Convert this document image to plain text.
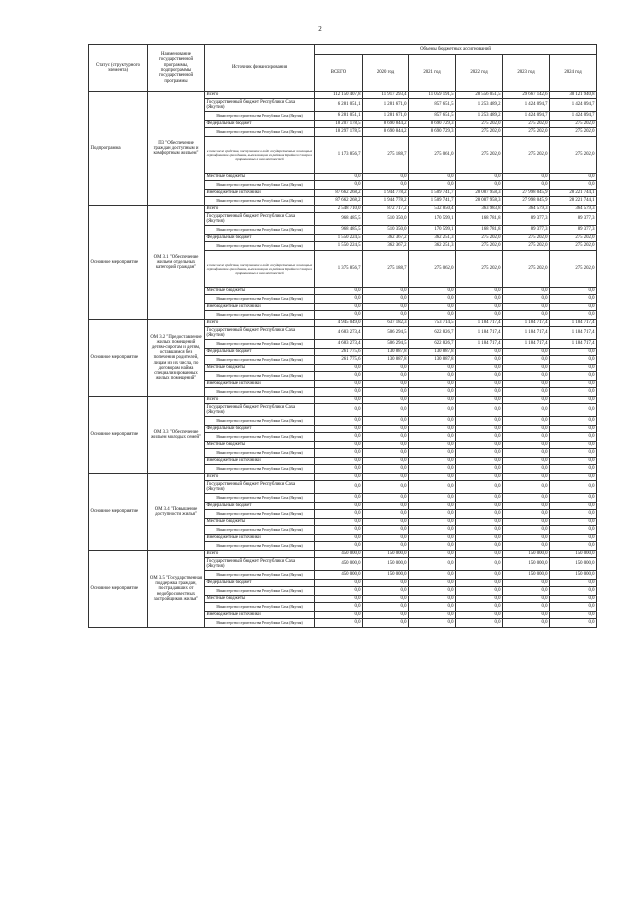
2
Статус (структурного элемента)	Наименование государственной программы, подпрограммы государственной программы	Источник финансирования	Объемы бюджетных ассигнований					
			ВСЕГО	2020 год	2021 год	2022 год	2023 год	2024 год
Подпрограмма	П3 "Обеспечение граждан доступным и комфортным жильем"	Всего	112 150 407,8	11 917 293,4	11 059 191,5	28 556 051,5	29 667 142,6	30 121 940,8
		Государственный бюджет Республики Саха (Якутия)	6 281 051,1	1 281 671,0	857 651,5	1 253 489,2	1 424 094,7	1 424 094,7
		Министерство строительства Республики Саха (Якутия)	6 281 051,1	1 281 671,0	857 651,5	1 253 489,2	1 424 094,7	1 424 094,7
		Федеральный бюджет	18 207 178,5	8 690 844,2	8 690 729,3	275 202,0	275 202,0	275 202,0
		Министерство строительства Республики Саха (Якутия)	18 297 178,5	8 690 844,2	8 690 729,3	275 202,0	275 202,0	275 202,0
		в том числе средства, поступившие в виде государственных жилищных сертификатов гражданам, выезжающим из районов Крайнего Севера и приравненных к ним местностей	1 173 856,7	275 188,7	275 061,0	275 202,0	275 202,0	275 202,0
		Местные бюджеты	0,0	0,0	0,0	0,0	0,0	0,0
		Министерство строительства Республики Саха (Якутия)	0,0	0,0	0,0	0,0	0,0	0,0
		Внебюджетные источники	87 662 268,2	1 944 778,2	1 509 741,7	28 087 958,3	27 998 045,9	28 221 744,1
		Министерство строительства Республики Саха (Якутия)	87 662 268,2	1 944 778,2	1 509 741,7	28 087 958,3	27 998 045,9	28 221 744,1
Основное мероприятие	ОМ 3.1 "Обеспечение жильем отдельных категорий граждан"	Всего	2 548 710,0	872 717,2	532 850,4	363 983,8	364 579,3	364 579,3
		Государственный бюджет Республики Саха (Якутия)	968 485,5	510 350,0	170 599,1	168 781,8	89 377,3	89 377,3
		Министерство строительства Республики Саха (Якутия)	968 485,5	510 350,0	170 599,1	168 781,8	89 377,3	89 377,3
		Федеральный бюджет	1 550 224,5	362 367,2	362 251,3	275 202,0	275 202,0	275 202,0
		Министерство строительства Республики Саха (Якутия)	1 550 224,5	362 367,2	362 251,3	275 202,0	275 202,0	275 202,0
		в том числе средства, поступившие в виде государственных жилищных сертификатов гражданам, выезжающим из районов Крайнего Севера и приравненных к ним местностей	1 375 856,7	275 188,7	275 062,0	275 202,0	275 202,0	275 202,0
		Местные бюджеты	0,0	0,0	0,0	0,0	0,0	0,0
		Министерство строительства Республики Саха (Якутия)	0,0	0,0	0,0	0,0	0,0	0,0
		Внебюджетные источники	0,0	0,0	0,0	0,0	0,0	0,0
		Министерство строительства Республики Саха (Якутия)	0,0	0,0	0,0	0,0	0,0	0,0
Основное мероприятие	ОМ 3.2 "Предоставление жилых помещений детям-сиротам и детям, оставшимся без попечения родителей, лицам из их числа, по договорам найма специализированных жилых помещений"	Всего	4 945 049,0	637 182,3	753 714,5	1 184 717,4	1 184 717,4	1 184 717,4
		Государственный бюджет Республики Саха (Якутия)	4 683 273,4	506 294,5	622 826,7	1 184 717,4	1 184 717,4	1 184 717,4
		Министерство строительства Республики Саха (Якутия)	4 683 273,4	506 294,5	622 826,7	1 184 717,4	1 184 717,4	1 184 717,4
		Федеральный бюджет	261 775,6	130 887,8	130 887,8	0,0	0,0	0,0
		Министерство строительства Республики Саха (Якутия)	261 775,6	130 887,8	130 887,8	0,0	0,0	0,0
		Местные бюджеты	0,0	0,0	0,0	0,0	0,0	0,0
		Министерство строительства Республики Саха (Якутия)	0,0	0,0	0,0	0,0	0,0	0,0
		Внебюджетные источники	0,0	0,0	0,0	0,0	0,0	0,0
		Министерство строительства Республики Саха (Якутия)	0,0	0,0	0,0	0,0	0,0	0,0
Основное мероприятие	ОМ 3.3 "Обеспечение жильем молодых семей"	Всего	0,0	0,0	0,0	0,0	0,0	0,0
		Государственный бюджет Республики Саха (Якутия)	0,0	0,0	0,0	0,0	0,0	0,0
		Министерство строительства Республики Саха (Якутия)	0,0	0,0	0,0	0,0	0,0	0,0
		Федеральный бюджет	0,0	0,0	0,0	0,0	0,0	0,0
		Министерство строительства Республики Саха (Якутия)	0,0	0,0	0,0	0,0	0,0	0,0
		Местные бюджеты	0,0	0,0	0,0	0,0	0,0	0,0
		Министерство строительства Республики Саха (Якутия)	0,0	0,0	0,0	0,0	0,0	0,0
		Внебюджетные источники	0,0	0,0	0,0	0,0	0,0	0,0
		Министерство строительства Республики Саха (Якутия)	0,0	0,0	0,0	0,0	0,0	0,0
Основное мероприятие	ОМ 3.4 "Повышение доступности жилья"	Всего	0,0	0,0	0,0	0,0	0,0	0,0
		Государственный бюджет Республики Саха (Якутия)	0,0	0,0	0,0	0,0	0,0	0,0
		Министерство строительства Республики Саха (Якутия)	0,0	0,0	0,0	0,0	0,0	0,0
		Федеральный бюджет	0,0	0,0	0,0	0,0	0,0	0,0
		Министерство строительства Республики Саха (Якутия)	0,0	0,0	0,0	0,0	0,0	0,0
		Местные бюджеты	0,0	0,0	0,0	0,0	0,0	0,0
		Министерство строительства Республики Саха (Якутия)	0,0	0,0	0,0	0,0	0,0	0,0
		Внебюджетные источники	0,0	0,0	0,0	0,0	0,0	0,0
		Министерство строительства Республики Саха (Якутия)	0,0	0,0	0,0	0,0	0,0	0,0
Основное мероприятие	ОМ 3.5 "Государственная поддержка граждан, пострадавших от недобросовестных застройщиков жилья"	Всего	450 000,0	150 000,0	0,0	0,0	150 000,0	150 000,0
		Государственный бюджет Республики Саха (Якутия)	450 000,0	150 000,0	0,0	0,0	150 000,0	150 000,0
		Министерство строительства Республики Саха (Якутия)	450 000,0	150 000,0	0,0	0,0	150 000,0	150 000,0
		Федеральный бюджет	0,0	0,0	0,0	0,0	0,0	0,0
		Министерство строительства Республики Саха (Якутия)	0,0	0,0	0,0	0,0	0,0	0,0
		Местные бюджеты	0,0	0,0	0,0	0,0	0,0	0,0
		Министерство строительства Республики Саха (Якутия)	0,0	0,0	0,0	0,0	0,0	0,0
		Внебюджетные источники	0,0	0,0	0,0	0,0	0,0	0,0
		Министерство строительства Республики Саха (Якутия)	0,0	0,0	0,0	0,0	0,0	0,0
